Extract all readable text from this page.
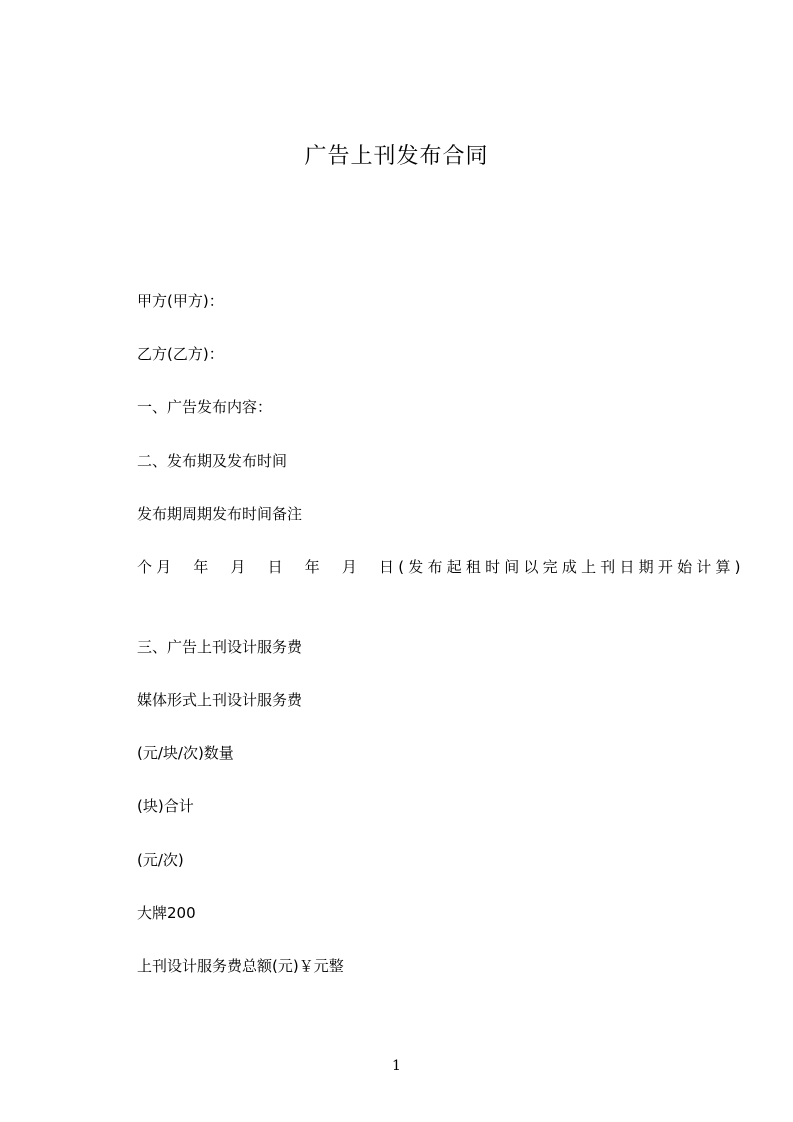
广告上刊发布合同
甲方(甲方)：
乙方(乙方)：
一、广告发布内容：
二、发布期及发布时间
发布期周期发布时间备注
个月  年  月  日  年  月  日(发布起租时间以完成上刊日期开始计算)
三、广告上刊设计服务费
媒体形式上刊设计服务费
(元/块/次)数量
(块)合计
(元/次)
大牌200
上刊设计服务费总额(元)￥元整
1
